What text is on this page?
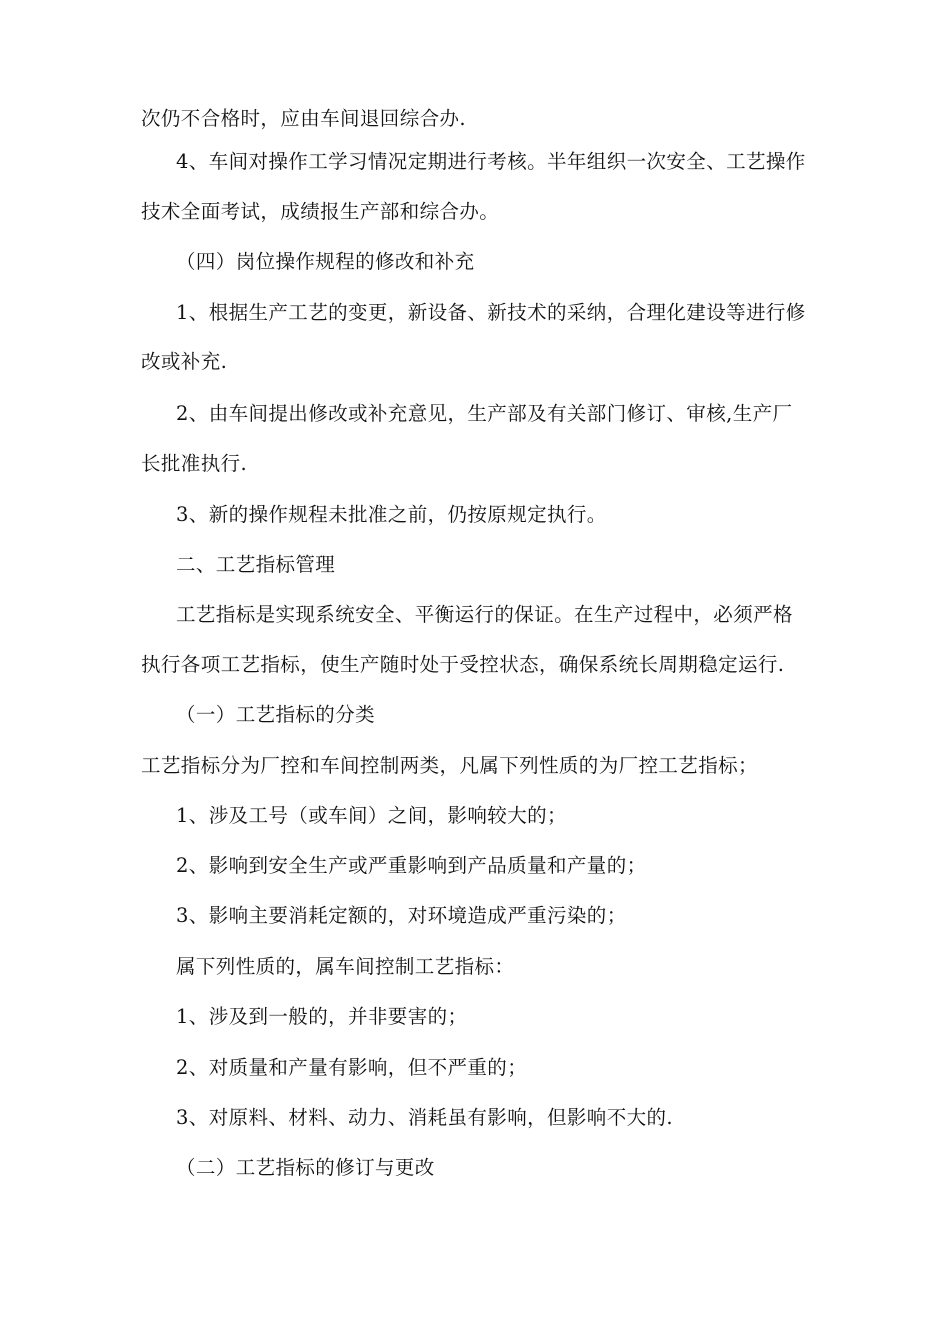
次仍不合格时，应由车间退回综合办.
4、车间对操作工学习情况定期进行考核。半年组织一次安全、工艺操作
技术全面考试，成绩报生产部和综合办。
（四）岗位操作规程的修改和补充
1、根据生产工艺的变更，新设备、新技术的采纳，合理化建设等进行修
改或补充.
2、由车间提出修改或补充意见，生产部及有关部门修订、审核,生产厂
长批准执行.
3、新的操作规程未批准之前，仍按原规定执行。
二、工艺指标管理
工艺指标是实现系统安全、平衡运行的保证。在生产过程中，必须严格
执行各项工艺指标，使生产随时处于受控状态，确保系统长周期稳定运行.
（一）工艺指标的分类
工艺指标分为厂控和车间控制两类，凡属下列性质的为厂控工艺指标；
1、涉及工号（或车间）之间，影响较大的；
2、影响到安全生产或严重影响到产品质量和产量的；
3、影响主要消耗定额的，对环境造成严重污染的；
属下列性质的，属车间控制工艺指标：
1、涉及到一般的，并非要害的；
2、对质量和产量有影响，但不严重的；
3、对原料、材料、动力、消耗虽有影响，但影响不大的.
（二）工艺指标的修订与更改
